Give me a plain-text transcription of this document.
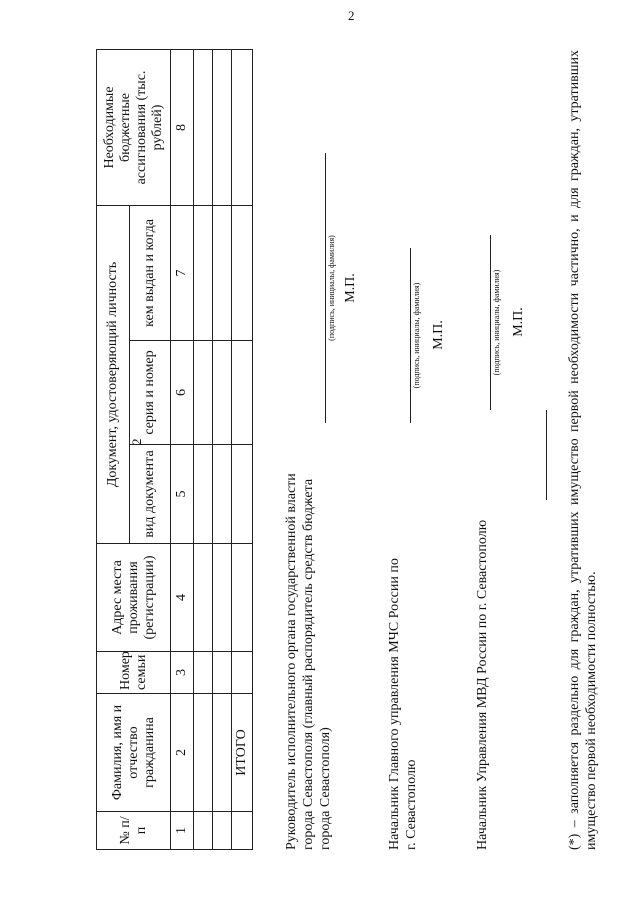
2
2
№ п/п	Фамилия, имя и отчество гражданина	Номер семьи	Адрес места проживания (регистрации)	Документ, удостоверяющий личность			Необходимые бюджетные ассигнования (тыс. рублей)
				вид документа	серия и номер	кем выдан и когда	
1	2	3	4	5	6	7	8

	ИТОГО							Руководитель исполнительного органа государственной власти города Севастополя (главный распорядитель средств бюджета города Севастополя)
(подпись, инициалы, фамилия) М.П.
Начальник Главного управления МЧС России по г. Севастополю
(подпись, инициалы, фамилия) М.П.
Начальник Управления МВД России по г. Севастополю
(подпись, инициалы, фамилия) М.П.	(*) – заполняется раздельно для граждан, утративших имущество первой необходимости частично, и для граждан, утративших имущество первой необходимости полностью.
